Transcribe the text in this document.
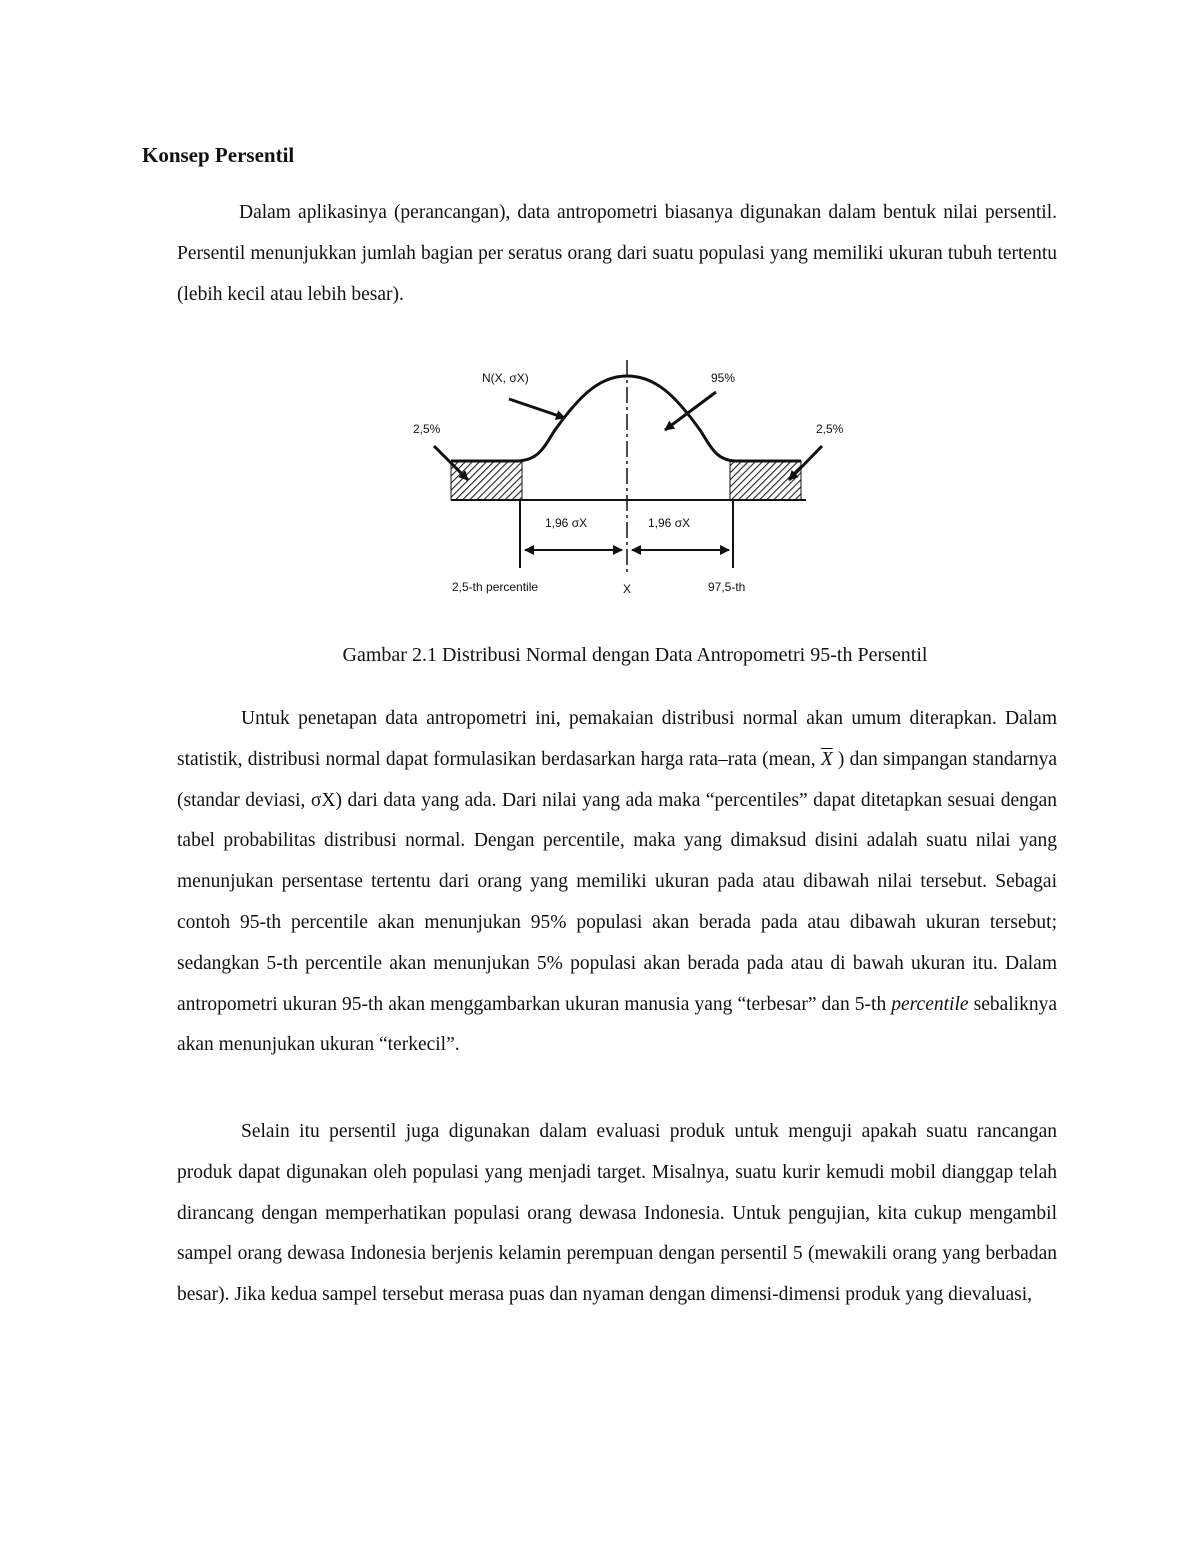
Konsep Persentil

Dalam aplikasinya (perancangan), data antropometri biasanya digunakan dalam bentuk nilai persentil. Persentil menunjukkan jumlah bagian per seratus orang dari suatu populasi yang memiliki ukuran tubuh tertentu (lebih kecil atau lebih besar).

N(X, σX)	95%
2,5%	2,5%
1,96 σX	1,96 σX
2,5-th percentile	X	97,5-th
Gambar 2.1 Distribusi Normal dengan Data Antropometri 95-th Persentil

Untuk penetapan data antropometri ini, pemakaian distribusi normal akan umum diterapkan. Dalam statistik, distribusi normal dapat formulasikan berdasarkan harga rata–rata (mean, $\overline{X}$ ) dan simpangan standarnya (standar deviasi, σX) dari data yang ada. Dari nilai yang ada maka “percentiles” dapat ditetapkan sesuai dengan tabel probabilitas distribusi normal. Dengan percentile, maka yang dimaksud disini adalah suatu nilai yang menunjukan persentase tertentu dari orang yang memiliki ukuran pada atau dibawah nilai tersebut. Sebagai contoh 95-th percentile akan menunjukan 95% populasi akan berada pada atau dibawah ukuran tersebut; sedangkan 5-th percentile akan menunjukan 5% populasi akan berada pada atau di bawah ukuran itu. Dalam antropometri ukuran 95-th akan menggambarkan ukuran manusia yang “terbesar” dan 5-th percentile sebaliknya akan menunjukan ukuran “terkecil”.

Selain itu persentil juga digunakan dalam evaluasi produk untuk menguji apakah suatu rancangan produk dapat digunakan oleh populasi yang menjadi target. Misalnya, suatu kurir kemudi mobil dianggap telah dirancang dengan memperhatikan populasi orang dewasa Indonesia. Untuk pengujian, kita cukup mengambil sampel orang dewasa Indonesia berjenis kelamin perempuan dengan persentil 5 (mewakili orang yang berbadan besar). Jika kedua sampel tersebut merasa puas dan nyaman dengan dimensi-dimensi produk yang dievaluasi,
